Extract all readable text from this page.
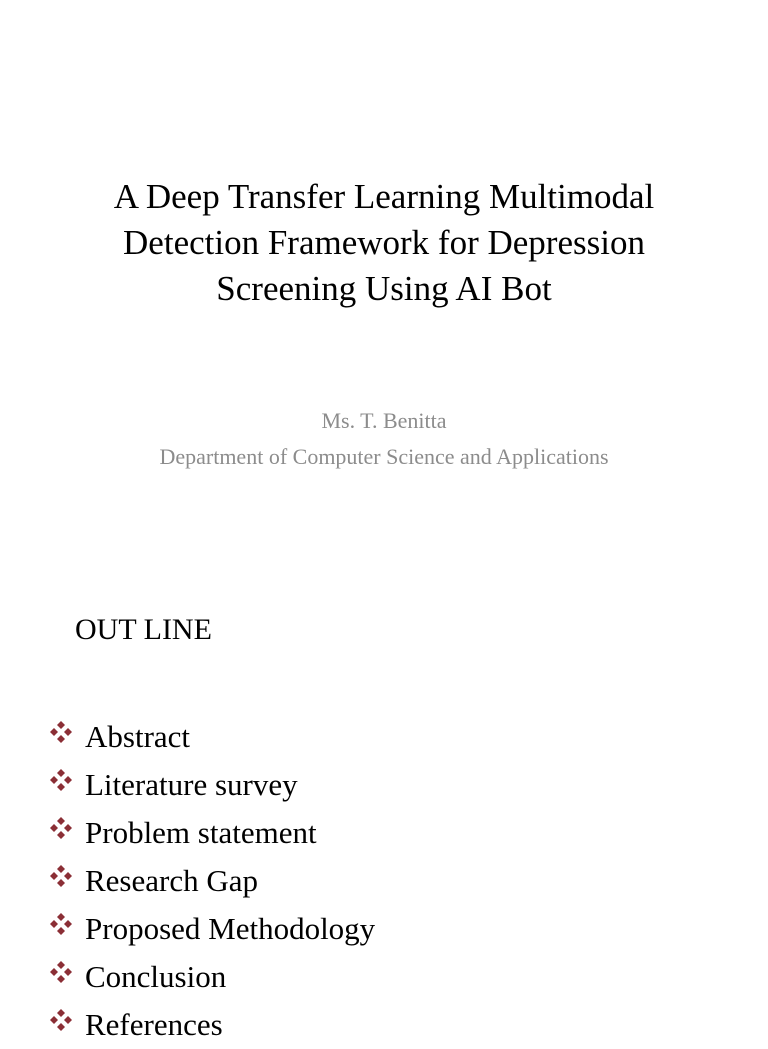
A Deep Transfer Learning Multimodal
Detection Framework for Depression
Screening Using AI Bot
Ms. T. Benitta
Department of Computer Science and Applications
OUT LINE
Abstract
Literature survey
Problem statement
Research Gap
Proposed Methodology
Conclusion
References
